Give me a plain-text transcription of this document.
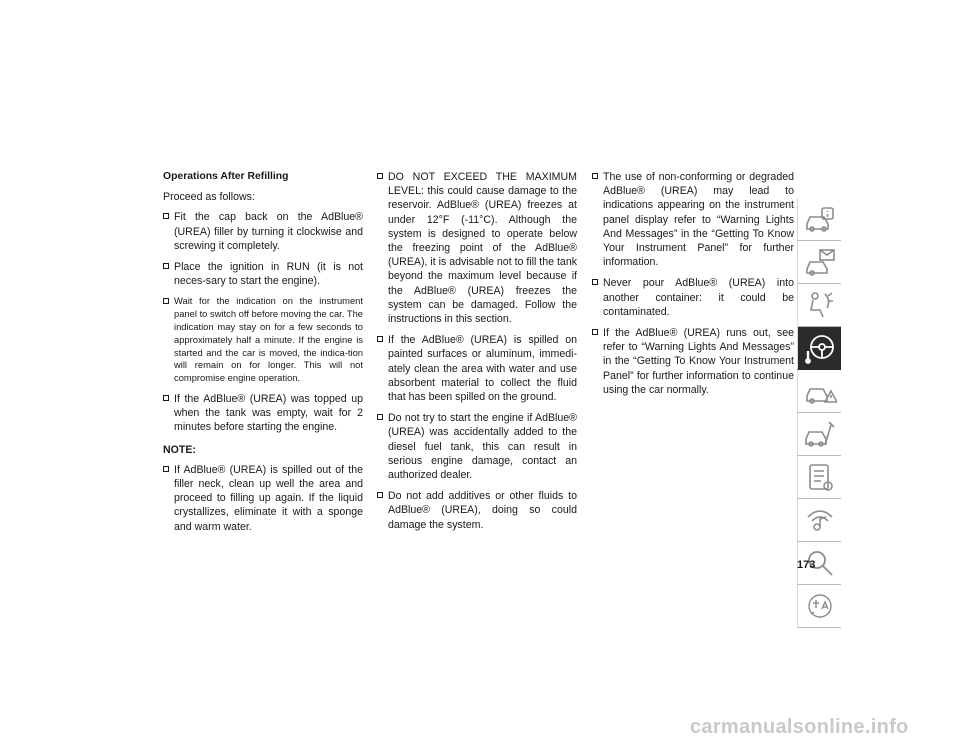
Operations After Refilling
Proceed as follows:
Fit the cap back on the AdBlue® (UREA) filler by turning it clockwise and screwing it completely.
Place the ignition in RUN (it is not neces-sary to start the engine).
Wait for the indication on the instrument panel to switch off before moving the car. The indication may stay on for a few seconds to approximately half a minute. If the engine is started and the car is moved, the indica-tion will remain on for longer. This will not compromise engine operation.
If the AdBlue® (UREA) was topped up when the tank was empty, wait for 2 minutes before starting the engine.
NOTE:
If AdBlue® (UREA) is spilled out of the filler neck, clean up well the area and proceed to filling up again. If the liquid crystallizes, eliminate it with a sponge and warm water.
DO NOT EXCEED THE MAXIMUM LEVEL: this could cause damage to the reservoir. AdBlue® (UREA) freezes at under 12°F (-11°C). Although the system is designed to operate below the freezing point of the AdBlue® (UREA), it is advisable not to fill the tank beyond the maximum level because if the AdBlue® (UREA) freezes the system can be damaged. Follow the instructions in this section.
If the AdBlue® (UREA) is spilled on painted surfaces or aluminum, immedi-ately clean the area with water and use absorbent material to collect the fluid that has been spilled on the ground.
Do not try to start the engine if AdBlue® (UREA) was accidentally added to the diesel fuel tank, this can result in serious engine damage, contact an authorized dealer.
Do not add additives or other fluids to AdBlue® (UREA), doing so could damage the system.
The use of non-conforming or degraded AdBlue® (UREA) may lead to indications appearing on the instrument panel display refer to “Warning Lights And Messages” in the “Getting To Know Your Instrument Panel” for further information.
Never pour AdBlue® (UREA) into another container: it could be contaminated.
If the AdBlue® (UREA) runs out, see refer to “Warning Lights And Messages” in the “Getting To Know Your Instrument Panel” for further information to continue using the car normally.
173
carmanualsonline.info
